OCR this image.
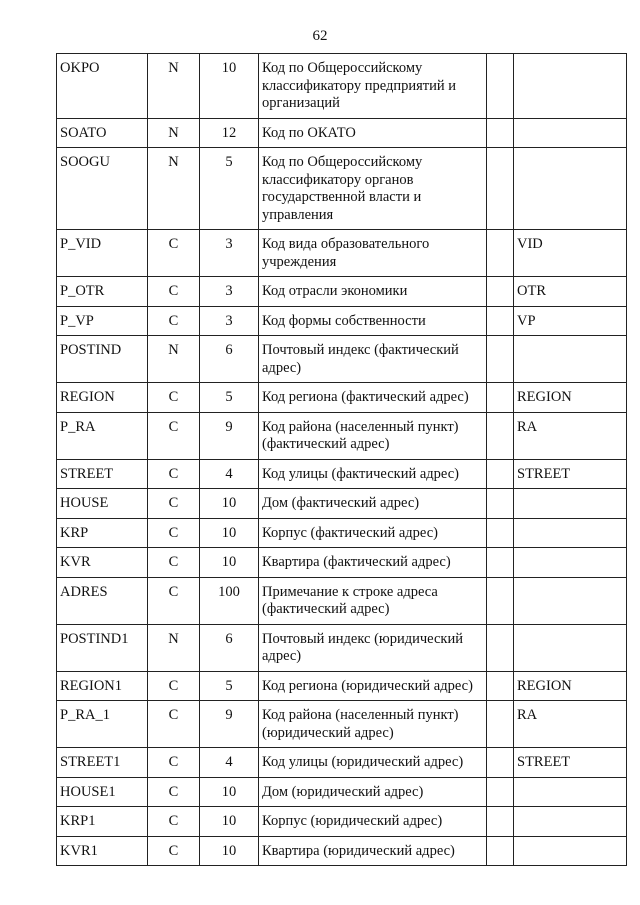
62
OKPO	N	10	Код по Общероссийскому классификатору предприятий и организаций		
SOATO	N	12	Код по ОКАТО		
SOOGU	N	5	Код по Общероссийскому классификатору органов государственной власти и управления		
P_VID	C	3	Код вида образовательного учреждения		VID
P_OTR	C	3	Код отрасли экономики		OTR
P_VP	C	3	Код формы собственности		VP
POSTIND	N	6	Почтовый индекс (фактический адрес)		
REGION	C	5	Код региона (фактический адрес)		REGION
P_RA	C	9	Код района (населенный пункт) (фактический адрес)		RA
STREET	C	4	Код улицы (фактический адрес)		STREET
HOUSE	C	10	Дом (фактический адрес)		
KRP	C	10	Корпус (фактический адрес)		
KVR	C	10	Квартира (фактический адрес)		
ADRES	C	100	Примечание к строке адреса (фактический адрес)		
POSTIND1	N	6	Почтовый индекс (юридический адрес)		
REGION1	C	5	Код региона (юридический адрес)		REGION
P_RA_1	C	9	Код района (населенный пункт) (юридический адрес)		RA
STREET1	C	4	Код улицы (юридический адрес)		STREET
HOUSE1	C	10	Дом (юридический адрес)		
KRP1	C	10	Корпус (юридический адрес)		
KVR1	C	10	Квартира (юридический адрес)		
